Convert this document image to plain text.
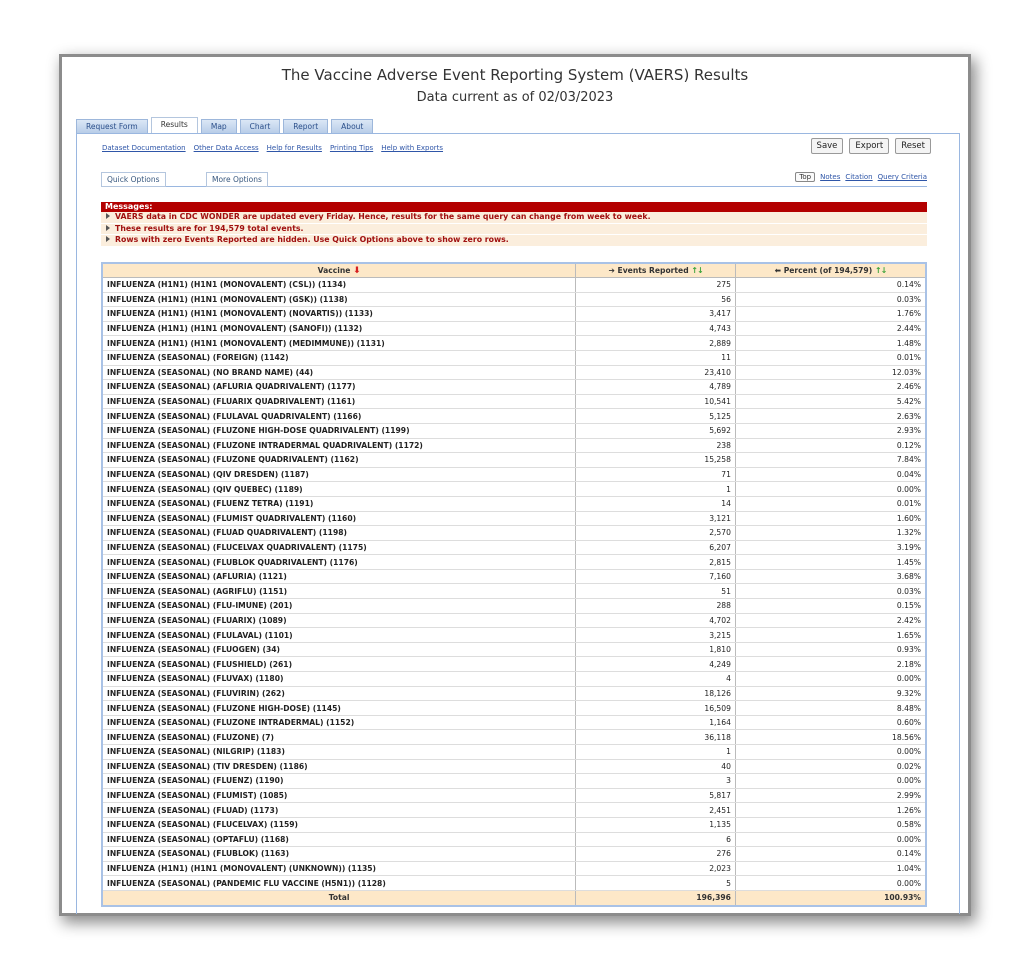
The Vaccine Adverse Event Reporting System (VAERS) Results
Data current as of 02/03/2023
Request Form	Results	Map	Chart	Report	About
Dataset Documentation Other Data Access Help for Results Printing Tips Help with Exports	Save	Export	Reset
Quick Options	More Options	Top	Notes Citation Query Criteria
Messages:
VAERS data in CDC WONDER are updated every Friday. Hence, results for the same query can change from week to week.
These results are for 194,579 total events.
Rows with zero Events Reported are hidden. Use Quick Options above to show zero rows.
Vaccine ⬇	➔ Events Reported ↑↓	⬅ Percent (of 194,579) ↑↓
INFLUENZA (H1N1) (H1N1 (MONOVALENT) (CSL)) (1134)	275	0.14%
INFLUENZA (H1N1) (H1N1 (MONOVALENT) (GSK)) (1138)	56	0.03%
INFLUENZA (H1N1) (H1N1 (MONOVALENT) (NOVARTIS)) (1133)	3,417	1.76%
INFLUENZA (H1N1) (H1N1 (MONOVALENT) (SANOFI)) (1132)	4,743	2.44%
INFLUENZA (H1N1) (H1N1 (MONOVALENT) (MEDIMMUNE)) (1131)	2,889	1.48%
INFLUENZA (SEASONAL) (FOREIGN) (1142)	11	0.01%
INFLUENZA (SEASONAL) (NO BRAND NAME) (44)	23,410	12.03%
INFLUENZA (SEASONAL) (AFLURIA QUADRIVALENT) (1177)	4,789	2.46%
INFLUENZA (SEASONAL) (FLUARIX QUADRIVALENT) (1161)	10,541	5.42%
INFLUENZA (SEASONAL) (FLULAVAL QUADRIVALENT) (1166)	5,125	2.63%
INFLUENZA (SEASONAL) (FLUZONE HIGH-DOSE QUADRIVALENT) (1199)	5,692	2.93%
INFLUENZA (SEASONAL) (FLUZONE INTRADERMAL QUADRIVALENT) (1172)	238	0.12%
INFLUENZA (SEASONAL) (FLUZONE QUADRIVALENT) (1162)	15,258	7.84%
INFLUENZA (SEASONAL) (QIV DRESDEN) (1187)	71	0.04%
INFLUENZA (SEASONAL) (QIV QUEBEC) (1189)	1	0.00%
INFLUENZA (SEASONAL) (FLUENZ TETRA) (1191)	14	0.01%
INFLUENZA (SEASONAL) (FLUMIST QUADRIVALENT) (1160)	3,121	1.60%
INFLUENZA (SEASONAL) (FLUAD QUADRIVALENT) (1198)	2,570	1.32%
INFLUENZA (SEASONAL) (FLUCELVAX QUADRIVALENT) (1175)	6,207	3.19%
INFLUENZA (SEASONAL) (FLUBLOK QUADRIVALENT) (1176)	2,815	1.45%
INFLUENZA (SEASONAL) (AFLURIA) (1121)	7,160	3.68%
INFLUENZA (SEASONAL) (AGRIFLU) (1151)	51	0.03%
INFLUENZA (SEASONAL) (FLU-IMUNE) (201)	288	0.15%
INFLUENZA (SEASONAL) (FLUARIX) (1089)	4,702	2.42%
INFLUENZA (SEASONAL) (FLULAVAL) (1101)	3,215	1.65%
INFLUENZA (SEASONAL) (FLUOGEN) (34)	1,810	0.93%
INFLUENZA (SEASONAL) (FLUSHIELD) (261)	4,249	2.18%
INFLUENZA (SEASONAL) (FLUVAX) (1180)	4	0.00%
INFLUENZA (SEASONAL) (FLUVIRIN) (262)	18,126	9.32%
INFLUENZA (SEASONAL) (FLUZONE HIGH-DOSE) (1145)	16,509	8.48%
INFLUENZA (SEASONAL) (FLUZONE INTRADERMAL) (1152)	1,164	0.60%
INFLUENZA (SEASONAL) (FLUZONE) (7)	36,118	18.56%
INFLUENZA (SEASONAL) (NILGRIP) (1183)	1	0.00%
INFLUENZA (SEASONAL) (TIV DRESDEN) (1186)	40	0.02%
INFLUENZA (SEASONAL) (FLUENZ) (1190)	3	0.00%
INFLUENZA (SEASONAL) (FLUMIST) (1085)	5,817	2.99%
INFLUENZA (SEASONAL) (FLUAD) (1173)	2,451	1.26%
INFLUENZA (SEASONAL) (FLUCELVAX) (1159)	1,135	0.58%
INFLUENZA (SEASONAL) (OPTAFLU) (1168)	6	0.00%
INFLUENZA (SEASONAL) (FLUBLOK) (1163)	276	0.14%
INFLUENZA (H1N1) (H1N1 (MONOVALENT) (UNKNOWN)) (1135)	2,023	1.04%
INFLUENZA (SEASONAL) (PANDEMIC FLU VACCINE (H5N1)) (1128)	5	0.00%
Total	196,396	100.93%
